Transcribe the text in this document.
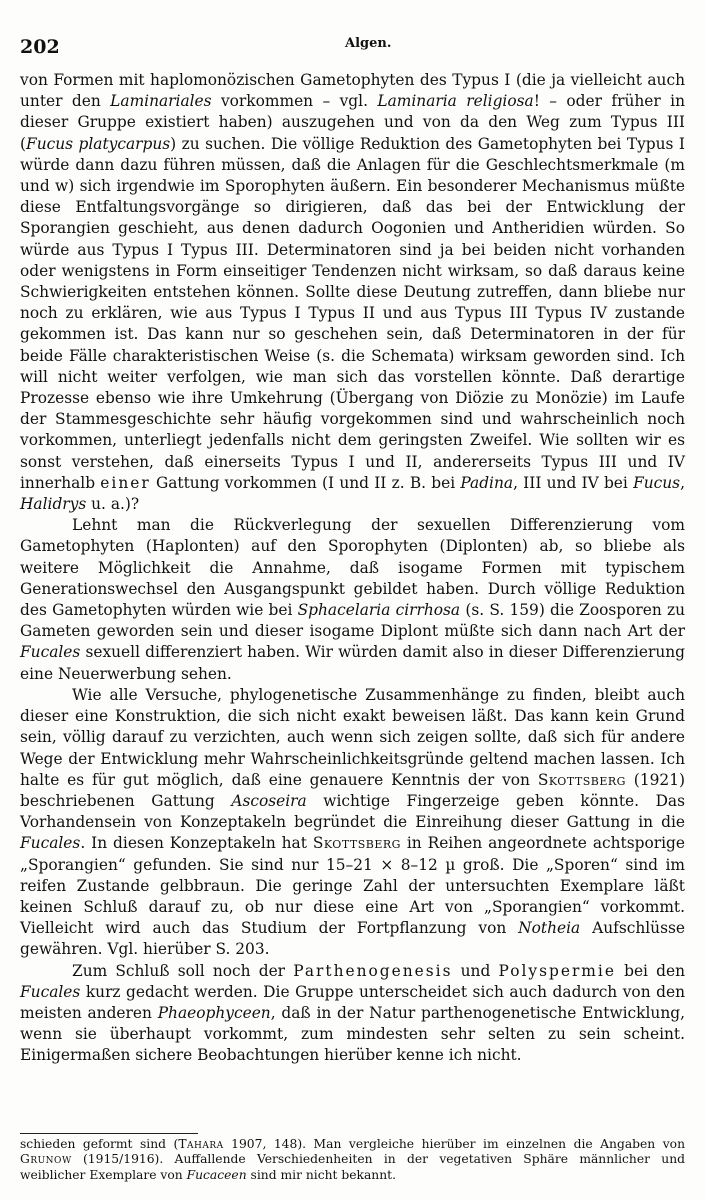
202	Algen.

von Formen mit haplomonözischen Gametophyten des Typus I (die ja vielleicht auch unter den Laminariales vorkommen – vgl. Laminaria religiosa! – oder früher in dieser Gruppe existiert haben) auszugehen und von da den Weg zum Typus III (Fucus platycarpus) zu suchen. Die völlige Reduktion des Gametophyten bei Typus I würde dann dazu führen müssen, daß die Anlagen für die Geschlechtsmerkmale (m und w) sich irgendwie im Sporophyten äußern. Ein besonderer Mechanismus müßte diese Entfaltungsvorgänge so dirigieren, daß das bei der Entwicklung der Sporangien geschieht, aus denen dadurch Oogonien und Antheridien würden. So würde aus Typus I Typus III. Determinatoren sind ja bei beiden nicht vorhanden oder wenigstens in Form einseitiger Tendenzen nicht wirksam, so daß daraus keine Schwierigkeiten entstehen können. Sollte diese Deutung zutreffen, dann bliebe nur noch zu erklären, wie aus Typus I Typus II und aus Typus III Typus IV zustande gekommen ist. Das kann nur so geschehen sein, daß Determinatoren in der für beide Fälle charakteristischen Weise (s. die Schemata) wirksam geworden sind. Ich will nicht weiter verfolgen, wie man sich das vorstellen könnte. Daß derartige Prozesse ebenso wie ihre Umkehrung (Übergang von Diözie zu Monözie) im Laufe der Stammesgeschichte sehr häufig vorgekommen sind und wahrscheinlich noch vorkommen, unterliegt jedenfalls nicht dem geringsten Zweifel. Wie sollten wir es sonst verstehen, daß einerseits Typus I und II, andererseits Typus III und IV innerhalb einer Gattung vorkommen (I und II z. B. bei Padina, III und IV bei Fucus, Halidrys u. a.)?

Lehnt man die Rückverlegung der sexuellen Differenzierung vom Gametophyten (Haplonten) auf den Sporophyten (Diplonten) ab, so bliebe als weitere Möglichkeit die Annahme, daß isogame Formen mit typischem Generationswechsel den Ausgangspunkt gebildet haben. Durch völlige Reduktion des Gametophyten würden wie bei Sphacelaria cirrhosa (s. S. 159) die Zoosporen zu Gameten geworden sein und dieser isogame Diplont müßte sich dann nach Art der Fucales sexuell differenziert haben. Wir würden damit also in dieser Differenzierung eine Neuerwerbung sehen.

Wie alle Versuche, phylogenetische Zusammenhänge zu finden, bleibt auch dieser eine Konstruktion, die sich nicht exakt beweisen läßt. Das kann kein Grund sein, völlig darauf zu verzichten, auch wenn sich zeigen sollte, daß sich für andere Wege der Entwicklung mehr Wahrscheinlichkeitsgründe geltend machen lassen. Ich halte es für gut möglich, daß eine genauere Kenntnis der von Skottsberg (1921) beschriebenen Gattung Ascoseira wichtige Fingerzeige geben könnte. Das Vorhandensein von Konzeptakeln begründet die Einreihung dieser Gattung in die Fucales. In diesen Konzeptakeln hat Skottsberg in Reihen angeordnete achtsporige „Sporangien“ gefunden. Sie sind nur 15–21 × 8–12 µ groß. Die „Sporen“ sind im reifen Zustande gelbbraun. Die geringe Zahl der untersuchten Exemplare läßt keinen Schluß darauf zu, ob nur diese eine Art von „Sporangien“ vorkommt. Vielleicht wird auch das Studium der Fortpflanzung von Notheia Aufschlüsse gewähren. Vgl. hierüber S. 203.

Zum Schluß soll noch der Parthenogenesis und Polyspermie bei den Fucales kurz gedacht werden. Die Gruppe unterscheidet sich auch dadurch von den meisten anderen Phaeophyceen, daß in der Natur parthenogenetische Entwicklung, wenn sie überhaupt vorkommt, zum mindesten sehr selten zu sein scheint. Einigermaßen sichere Beobachtungen hierüber kenne ich nicht.

schieden geformt sind (Tahara 1907, 148). Man vergleiche hierüber im einzelnen die Angaben von Grunow (1915/1916). Auffallende Verschiedenheiten in der vegetativen Sphäre männlicher und weiblicher Exemplare von Fucaceen sind mir nicht bekannt.
